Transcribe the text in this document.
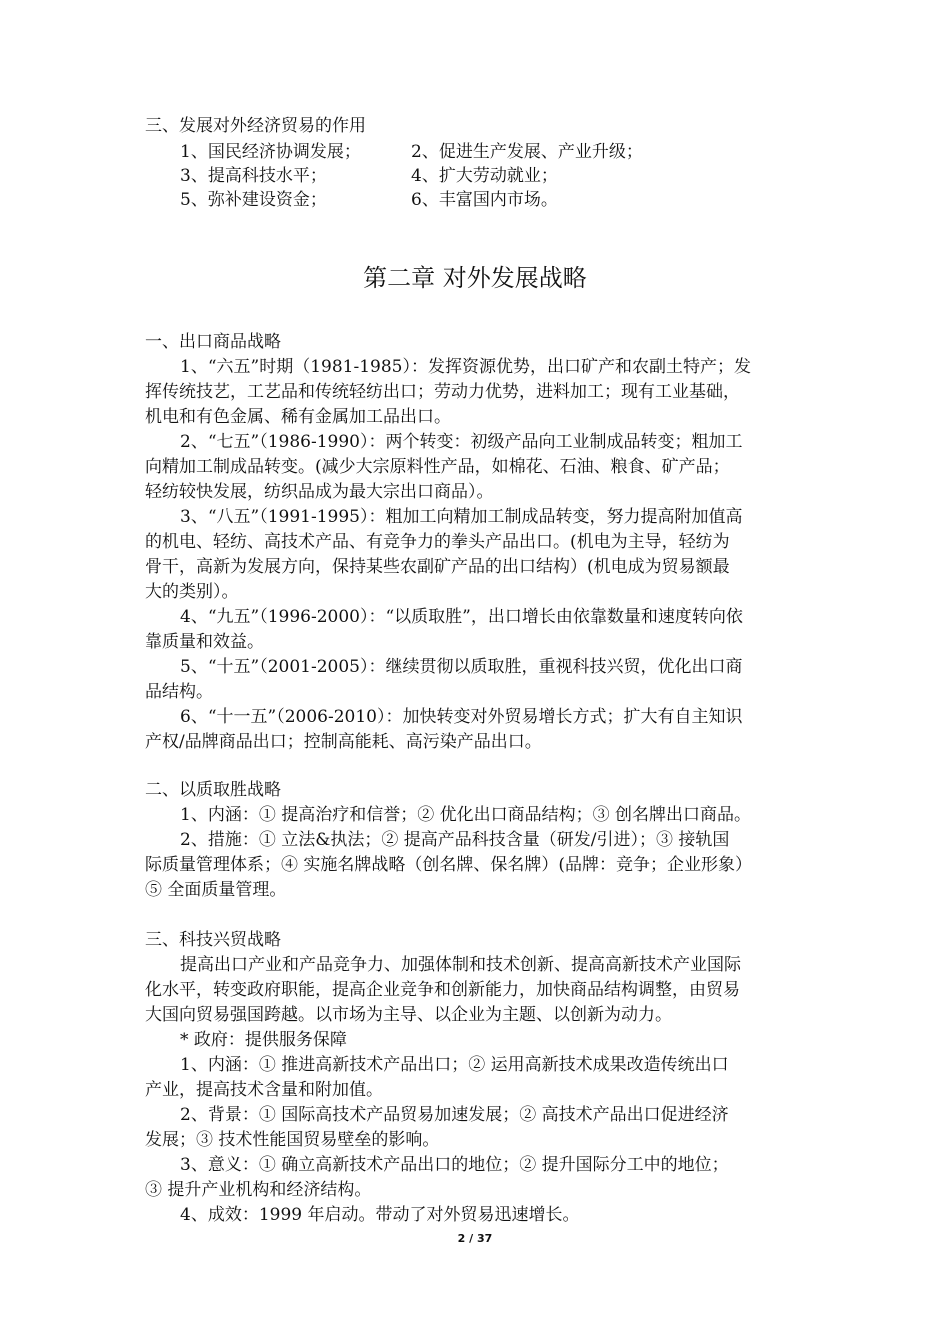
三、发展对外经济贸易的作用
1、国民经济协调发展；	2、促进生产发展、产业升级；
3、提高科技水平；	4、扩大劳动就业；
5、弥补建设资金；	6、丰富国内市场。
第二章 对外发展战略
一、出口商品战略
1、“六五”时期（1981-1985）：发挥资源优势，出口矿产和农副土特产；发
挥传统技艺，工艺品和传统轻纺出口；劳动力优势，进料加工；现有工业基础，
机电和有色金属、稀有金属加工品出口。
2、“七五”（1986-1990）：两个转变：初级产品向工业制成品转变；粗加工
向精加工制成品转变。(减少大宗原料性产品，如棉花、石油、粮食、矿产品；
轻纺较快发展，纺织品成为最大宗出口商品）。
3、“八五”（1991-1995）：粗加工向精加工制成品转变，努力提高附加值高
的机电、轻纺、高技术产品、有竞争力的拳头产品出口。(机电为主导，轻纺为
骨干，高新为发展方向，保持某些农副矿产品的出口结构）(机电成为贸易额最
大的类别）。
4、“九五”（1996-2000）：“以质取胜”，出口增长由依靠数量和速度转向依
靠质量和效益。
5、“十五”（2001-2005）：继续贯彻以质取胜，重视科技兴贸，优化出口商
品结构。
6、“十一五”（2006-2010）：加快转变对外贸易增长方式；扩大有自主知识
产权/品牌商品出口；控制高能耗、高污染产品出口。
二、以质取胜战略
1、内涵：① 提高治疗和信誉；② 优化出口商品结构；③ 创名牌出口商品。
2、措施：① 立法&执法；② 提高产品科技含量（研发/引进）；③ 接轨国
际质量管理体系；④ 实施名牌战略（创名牌、保名牌）(品牌：竞争；企业形象）
⑤ 全面质量管理。
三、科技兴贸战略
提高出口产业和产品竞争力、加强体制和技术创新、提高高新技术产业国际
化水平，转变政府职能，提高企业竞争和创新能力，加快商品结构调整，由贸易
大国向贸易强国跨越。以市场为主导、以企业为主题、以创新为动力。
* 政府：提供服务保障
1、内涵：① 推进高新技术产品出口；② 运用高新技术成果改造传统出口
产业，提高技术含量和附加值。
2、背景：① 国际高技术产品贸易加速发展；② 高技术产品出口促进经济
发展；③ 技术性能国贸易壁垒的影响。
3、意义：① 确立高新技术产品出口的地位；② 提升国际分工中的地位；
③ 提升产业机构和经济结构。
4、成效：1999 年启动。带动了对外贸易迅速增长。
2 / 37
